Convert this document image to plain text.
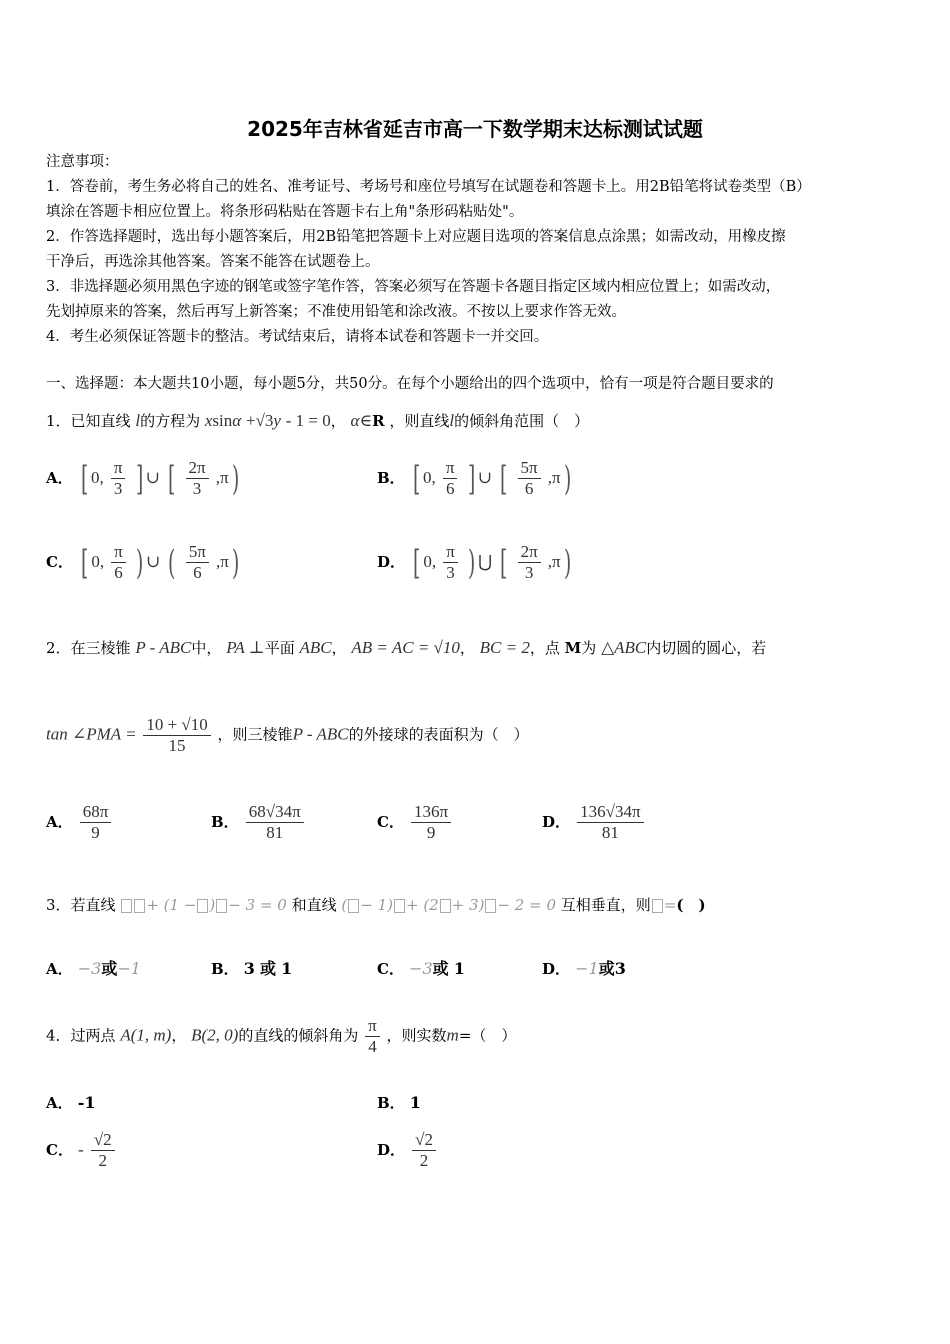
2025年吉林省延吉市高一下数学期末达标测试试题
注意事项：
1．答卷前，考生务必将自己的姓名、准考证号、考场号和座位号填写在试题卷和答题卡上。用2B铅笔将试卷类型（B）
填涂在答题卡相应位置上。将条形码粘贴在答题卡右上角"条形码粘贴处"。
2．作答选择题时，选出每小题答案后，用2B铅笔把答题卡上对应题目选项的答案信息点涂黑；如需改动，用橡皮擦
干净后，再选涂其他答案。答案不能答在试题卷上。
3．非选择题必须用黑色字迹的钢笔或签字笔作答，答案必须写在答题卡各题目指定区域内相应位置上；如需改动，
先划掉原来的答案，然后再写上新答案；不准使用铅笔和涂改液。不按以上要求作答无效。
4．考生必须保证答题卡的整洁。考试结束后，请将本试卷和答题卡一并交回。
一、选择题：本大题共10小题，每小题5分，共50分。在每个小题给出的四个选项中，恰有一项是符合题目要求的
1．已知直线 l的方程为 xsinα +√3y - 1 = 0， α∈R ，则直线l的倾斜角范围（　）
A． [ 0, $\frac{\pi}{3}$ ] ∪ [ $\frac{2\pi}{3} ,\pi$)	B． [ 0, $\frac{\pi}{6}$ ] ∪ [ $\frac{5\pi}{6} ,\pi$)
C． [ 0, $\frac{\pi}{6}$ ) ∪ ( $\frac{5\pi}{6} ,\pi$)	D． [ 0, $\frac{\pi}{3}$ ) ⋃ [ $\frac{2\pi}{3} ,\pi$)
2．在三棱锥 P - ABC中， PA ⊥平面 ABC， AB = AC = √10， BC = 2，点 M为 △ABC内切圆的圆心，若
tan ∠PMA = $\frac{10 + √10}{15}$ ，则三棱锥P - ABC的外接球的表面积为（　）
A． $\frac{68\pi}{9}$	B． $\frac{68√34\pi}{81}$	C． $\frac{136\pi}{9}$	D． $\frac{136√34\pi}{81}$
3．若直线 + (1 − ) − 3 = 0 和直线 ( − 1) + (2 + 3) − 2 = 0 互相垂直，则 =(　)
A． −3或−1	B． 3 或 1	C． −3或 1	D． −1或3
4．过两点 A(1, m)， B(2, 0)的直线的倾斜角为 $\frac{\pi}{4}$ ，则实数m=（　）
A． -1	B． 1
C． - $\frac{√2}{2}$	D． $\frac{√2}{2}$
